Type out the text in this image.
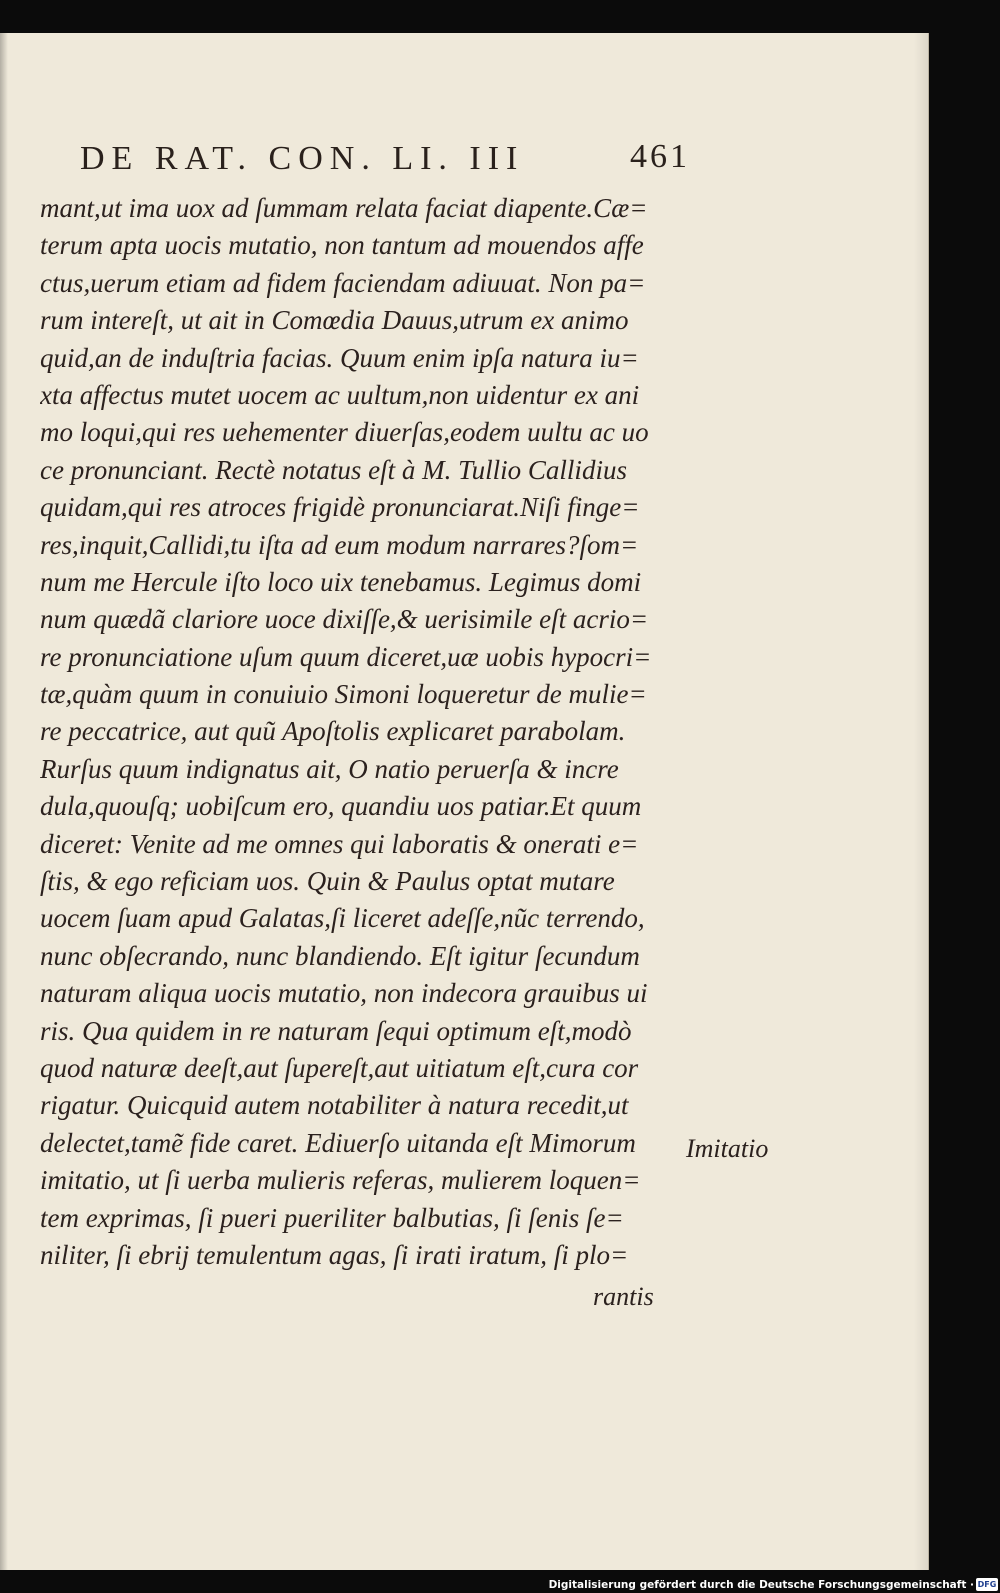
DE RAT. CON. LI. III	461
mant,ut ima uox ad ſummam relata faciat diapente.Cæ=
terum apta uocis mutatio, non tantum ad mouendos affe
ctus,uerum etiam ad fidem faciendam adiuuat. Non pa=
rum intereſt, ut ait in Comœdia Dauus,utrum ex animo
quid,an de induſtria facias. Quum enim ipſa natura iu=
xta affectus mutet uocem ac uultum,non uidentur ex ani
mo loqui,qui res uehementer diuerſas,eodem uultu ac uo
ce pronunciant. Rectè notatus eſt à M. Tullio Callidius
quidam,qui res atroces frigidè pronunciarat.Niſi finge=
res,inquit,Callidi,tu iſta ad eum modum narrares?ſom=
num me Hercule iſto loco uix tenebamus. Legimus domi
num quædã clariore uoce dixiſſe,& uerisimile eſt acrio=
re pronunciatione uſum quum diceret,uæ uobis hypocri=
tæ,quàm quum in conuiuio Simoni loqueretur de mulie=
re peccatrice, aut quũ Apoſtolis explicaret parabolam.
Rurſus quum indignatus ait, O natio peruerſa & incre
dula,quouſq; uobiſcum ero, quandiu uos patiar.Et quum
diceret: Venite ad me omnes qui laboratis & onerati e=
ſtis, & ego reficiam uos. Quin & Paulus optat mutare
uocem ſuam apud Galatas,ſi liceret adeſſe,nũc terrendo,
nunc obſecrando, nunc blandiendo. Eſt igitur ſecundum
naturam aliqua uocis mutatio, non indecora grauibus ui
ris. Qua quidem in re naturam ſequi optimum eſt,modò
quod naturæ deeſt,aut ſupereſt,aut uitiatum eſt,cura cor
rigatur. Quicquid autem notabiliter à natura recedit,ut
delectet,tamẽ fide caret. Ediuerſo uitanda eſt Mimorum
imitatio, ut ſi uerba mulieris referas, mulierem loquen=
tem exprimas, ſi pueri pueriliter balbutias, ſi ſenis ſe=
niliter, ſi ebrij temulentum agas, ſi irati iratum, ſi plo=
Imitatio
rantis
Digitalisierung gefördert durch die Deutsche Forschungsgemeinschaft · DFG
